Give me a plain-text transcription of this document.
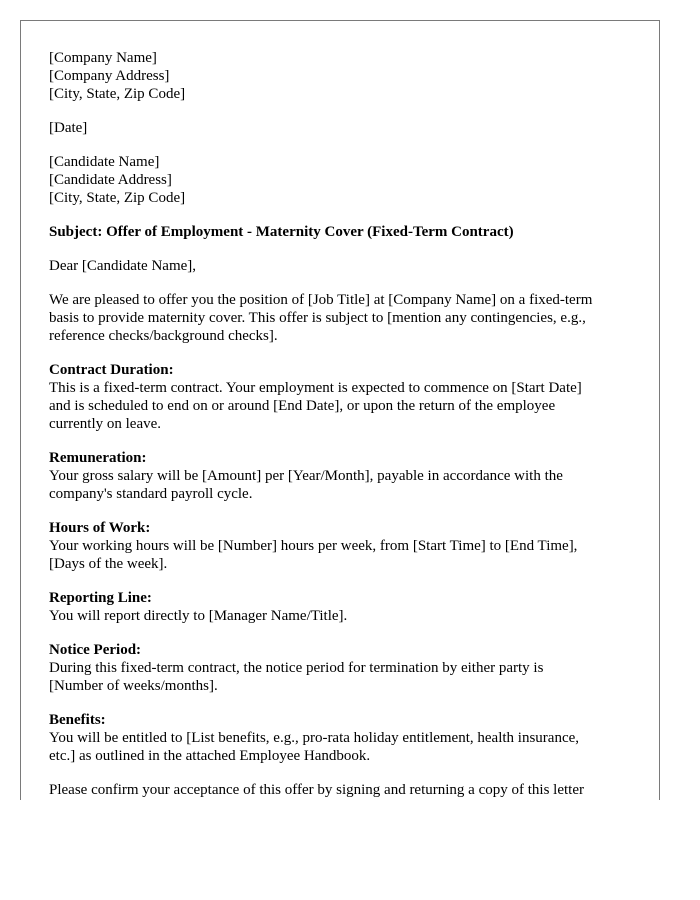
[Company Name]
[Company Address]
[City, State, Zip Code]
[Date]
[Candidate Name]
[Candidate Address]
[City, State, Zip Code]
Subject: Offer of Employment - Maternity Cover (Fixed-Term Contract)
Dear [Candidate Name],
We are pleased to offer you the position of [Job Title] at [Company Name] on a fixed-term
basis to provide maternity cover. This offer is subject to [mention any contingencies, e.g.,
reference checks/background checks].
Contract Duration:
This is a fixed-term contract. Your employment is expected to commence on [Start Date]
and is scheduled to end on or around [End Date], or upon the return of the employee
currently on leave.
Remuneration:
Your gross salary will be [Amount] per [Year/Month], payable in accordance with the
company's standard payroll cycle.
Hours of Work:
Your working hours will be [Number] hours per week, from [Start Time] to [End Time],
[Days of the week].
Reporting Line:
You will report directly to [Manager Name/Title].
Notice Period:
During this fixed-term contract, the notice period for termination by either party is
[Number of weeks/months].
Benefits:
You will be entitled to [List benefits, e.g., pro-rata holiday entitlement, health insurance,
etc.] as outlined in the attached Employee Handbook.
Please confirm your acceptance of this offer by signing and returning a copy of this letter
